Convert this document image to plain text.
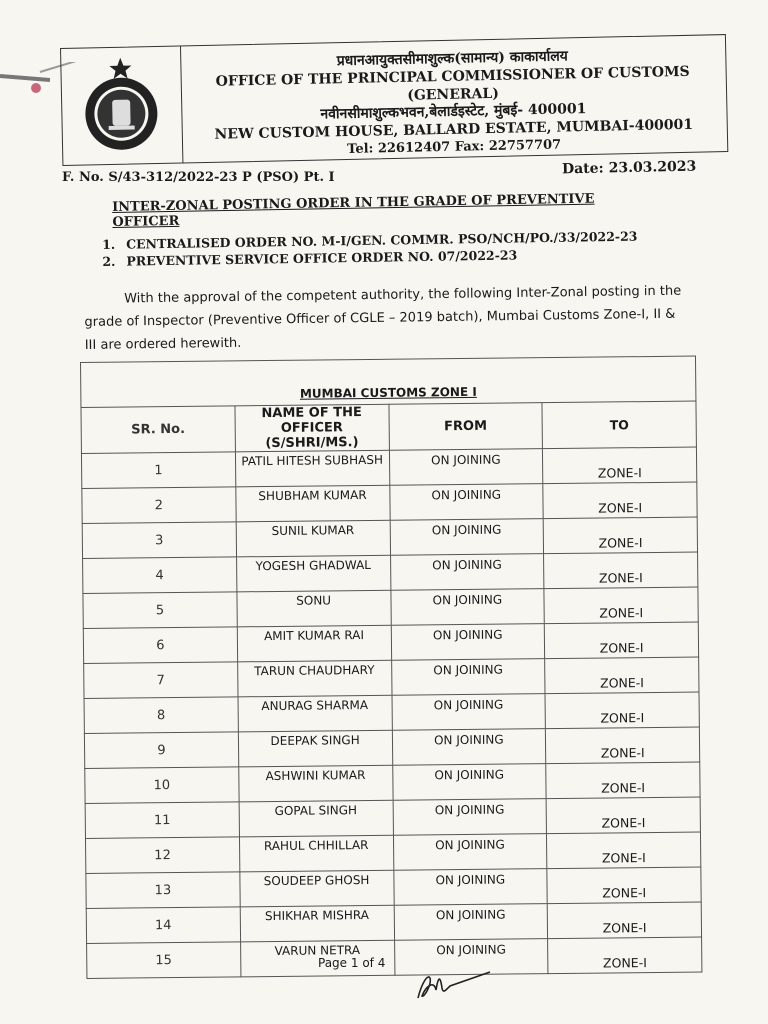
प्रधानआयुक्तसीमाशुल्क(सामान्य) काकार्यालय
OFFICE OF THE PRINCIPAL COMMISSIONER OF CUSTOMS (GENERAL)
नवीनसीमाशुल्कभवन,बेलार्डइस्टेट, मुंबई- 400001
NEW CUSTOM HOUSE, BALLARD ESTATE, MUMBAI-400001
Tel: 22612407 Fax: 22757707
F. No. S/43-312/2022-23 P (PSO) Pt. I
Date: 23.03.2023
INTER-ZONAL POSTING ORDER IN THE GRADE OF PREVENTIVE OFFICER
1. CENTRALISED ORDER NO. M-I/GEN. COMMR. PSO/NCH/PO./33/2022-23
2. PREVENTIVE SERVICE OFFICE ORDER NO. 07/2022-23
With the approval of the competent authority, the following Inter-Zonal posting in the grade of Inspector (Preventive Officer of CGLE – 2019 batch), Mumbai Customs Zone-I, II & III are ordered herewith.
MUMBAI CUSTOMS ZONE I			
SR. No.	NAME OF THE OFFICER (S/SHRI/MS.)	FROM	TO
1	PATIL HITESH SUBHASH	ON JOINING	ZONE-I
2	SHUBHAM KUMAR	ON JOINING	ZONE-I
3	SUNIL KUMAR	ON JOINING	ZONE-I
4	YOGESH GHADWAL	ON JOINING	ZONE-I
5	SONU	ON JOINING	ZONE-I
6	AMIT KUMAR RAI	ON JOINING	ZONE-I
7	TARUN CHAUDHARY	ON JOINING	ZONE-I
8	ANURAG SHARMA	ON JOINING	ZONE-I
9	DEEPAK SINGH	ON JOINING	ZONE-I
10	ASHWINI KUMAR	ON JOINING	ZONE-I
11	GOPAL SINGH	ON JOINING	ZONE-I
12	RAHUL CHHILLAR	ON JOINING	ZONE-I
13	SOUDEEP GHOSH	ON JOINING	ZONE-I
14	SHIKHAR MISHRA	ON JOINING	ZONE-I
15	VARUN NETRA	ON JOINING	ZONE-I
Page 1 of 4
